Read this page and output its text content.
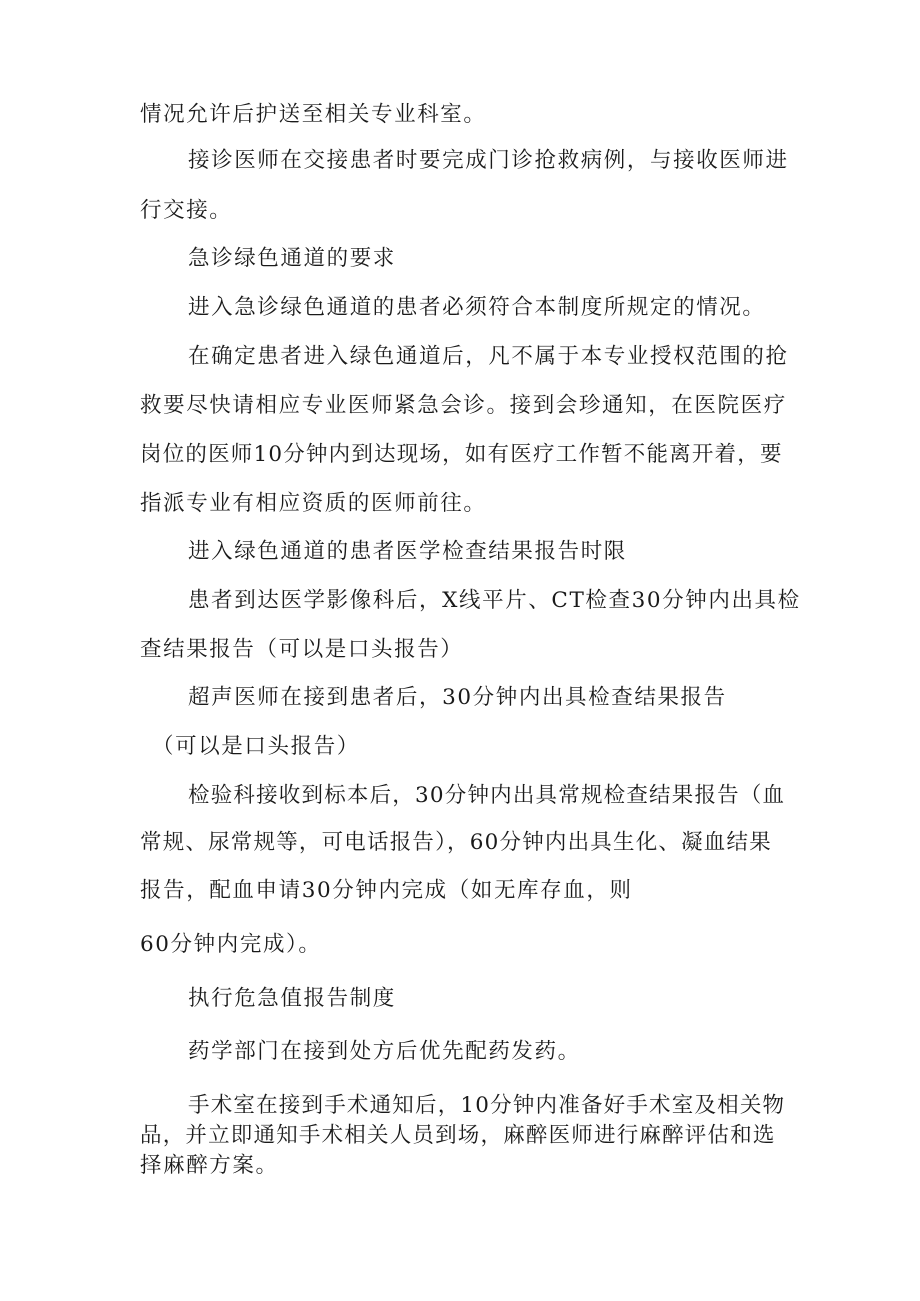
情况允许后护送至相关专业科室。
接诊医师在交接患者时要完成门诊抢救病例，与接收医师进
行交接。
急诊绿色通道的要求
进入急诊绿色通道的患者必须符合本制度所规定的情况。
在确定患者进入绿色通道后，凡不属于本专业授权范围的抢
救要尽快请相应专业医师紧急会诊。接到会珍通知，在医院医疗
岗位的医师10分钟内到达现场，如有医疗工作暂不能离开着，要
指派专业有相应资质的医师前往。
进入绿色通道的患者医学检查结果报告时限
患者到达医学影像科后，X线平片、CT检查30分钟内出具检
查结果报告（可以是口头报告）
超声医师在接到患者后，30分钟内出具检查结果报告
（可以是口头报告）
检验科接收到标本后，30分钟内出具常规检查结果报告（血
常规、尿常规等，可电话报告），60分钟内出具生化、凝血结果
报告，配血申请30分钟内完成（如无库存血，则
60分钟内完成）。
执行危急值报告制度
药学部门在接到处方后优先配药发药。
手术室在接到手术通知后，10分钟内准备好手术室及相关物
品，并立即通知手术相关人员到场，麻醉医师进行麻醉评估和选
择麻醉方案。
